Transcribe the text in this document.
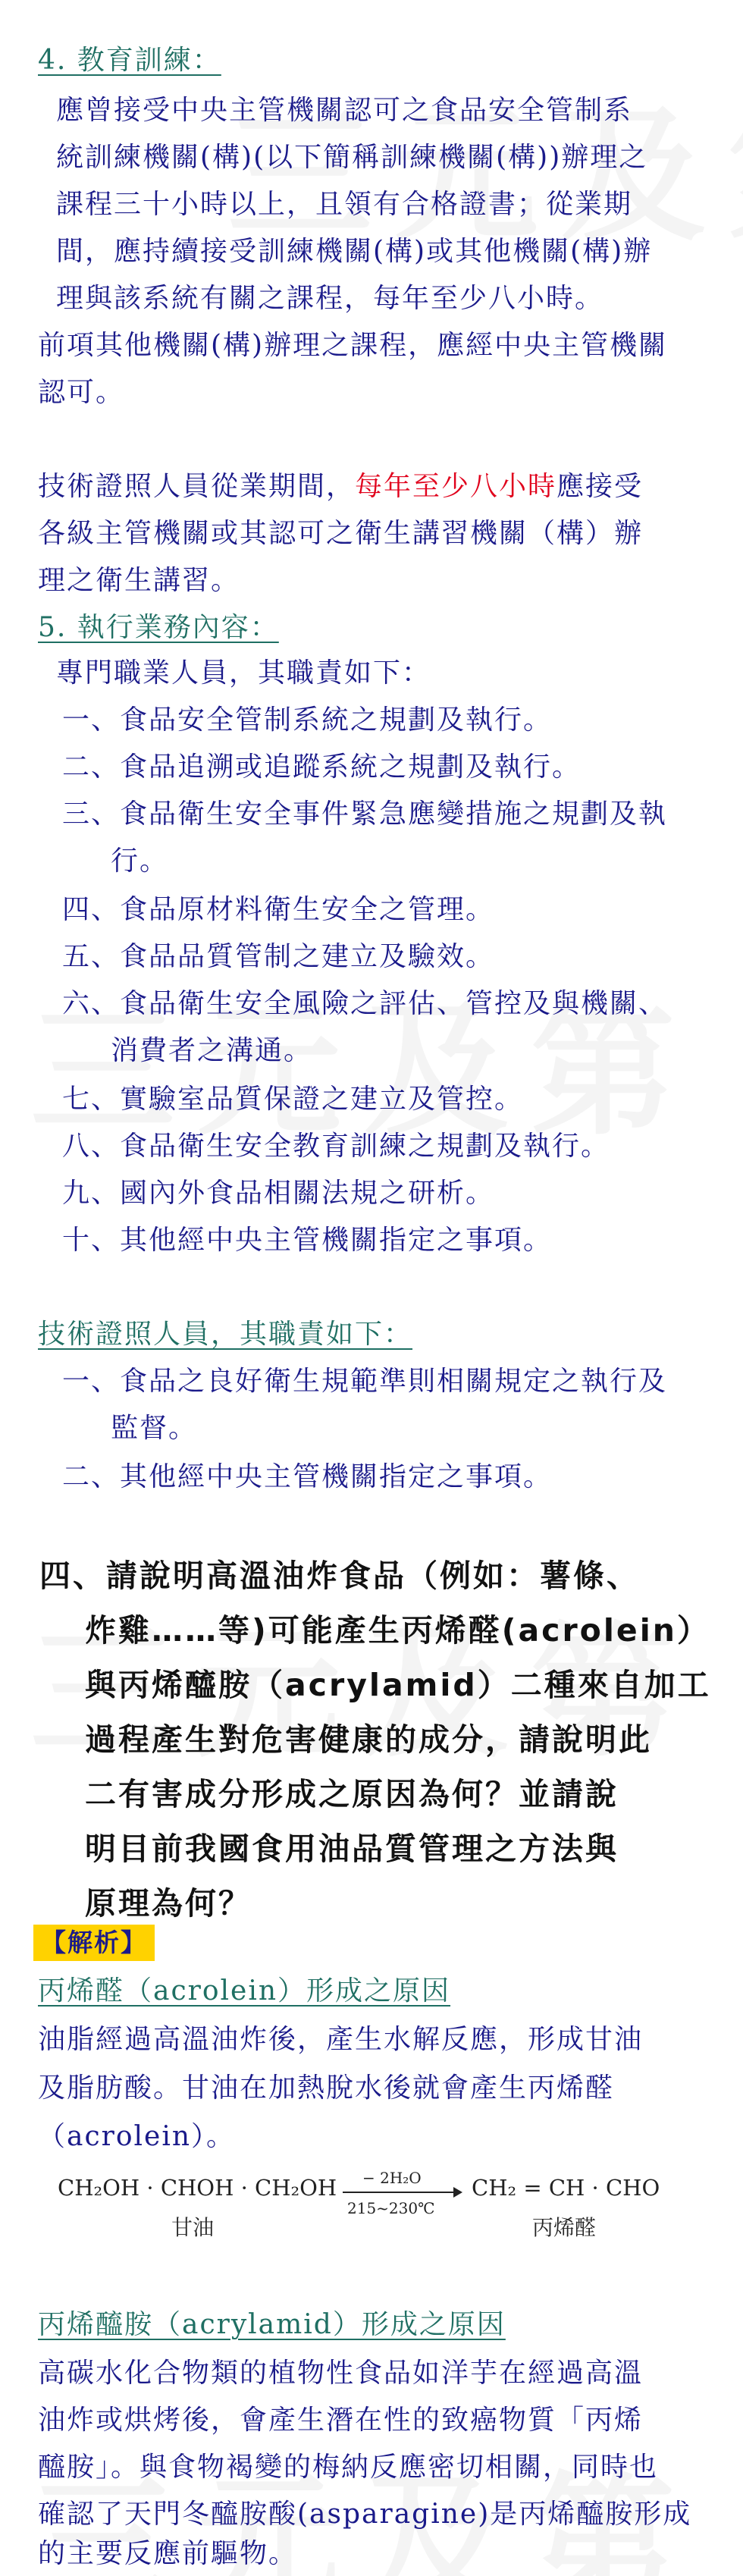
4. 教育訓練：
應曾接受中央主管機關認可之食品安全管制系
統訓練機關(構)(以下簡稱訓練機關(構))辦理之
課程三十小時以上，且領有合格證書；從業期
間，應持續接受訓練機關(構)或其他機關(構)辦
理與該系統有關之課程，每年至少八小時。
前項其他機關(構)辦理之課程，應經中央主管機關
認可。
技術證照人員從業期間，每年至少八小時應接受
各級主管機關或其認可之衛生講習機關（構）辦
理之衛生講習。
5. 執行業務內容：
專門職業人員，其職責如下：
一、食品安全管制系統之規劃及執行。
二、食品追溯或追蹤系統之規劃及執行。
三、食品衛生安全事件緊急應變措施之規劃及執
行。
四、食品原材料衛生安全之管理。
五、食品品質管制之建立及驗效。
六、食品衛生安全風險之評估、管控及與機關、
消費者之溝通。
七、實驗室品質保證之建立及管控。
八、食品衛生安全教育訓練之規劃及執行。
九、國內外食品相關法規之研析。
十、其他經中央主管機關指定之事項。
技術證照人員，其職責如下：
一、食品之良好衛生規範準則相關規定之執行及
監督。
二、其他經中央主管機關指定之事項。
四、請說明高溫油炸食品（例如：薯條、
炸雞……等)可能產生丙烯醛(acrolein）
與丙烯醯胺（acrylamid）二種來自加工
過程產生對危害健康的成分，請說明此
二有害成分形成之原因為何？並請說
明目前我國食用油品質管理之方法與
原理為何？
【解析】
丙烯醛（acrolein）形成之原因
油脂經過高溫油炸後，產生水解反應，形成甘油
及脂肪酸。甘油在加熱脫水後就會產生丙烯醛
（acrolein）。
CH₂OH · CHOH · CH₂OH
甘油
− 2H₂O
215~230℃
CH₂ = CH · CHO
丙烯醛
丙烯醯胺（acrylamid）形成之原因
高碳水化合物類的植物性食品如洋芋在經過高溫
油炸或烘烤後，會產生潛在性的致癌物質「丙烯
醯胺」。與食物褐變的梅納反應密切相關，同時也
確認了天門冬醯胺酸(asparagine)是丙烯醯胺形成
的主要反應前驅物。
